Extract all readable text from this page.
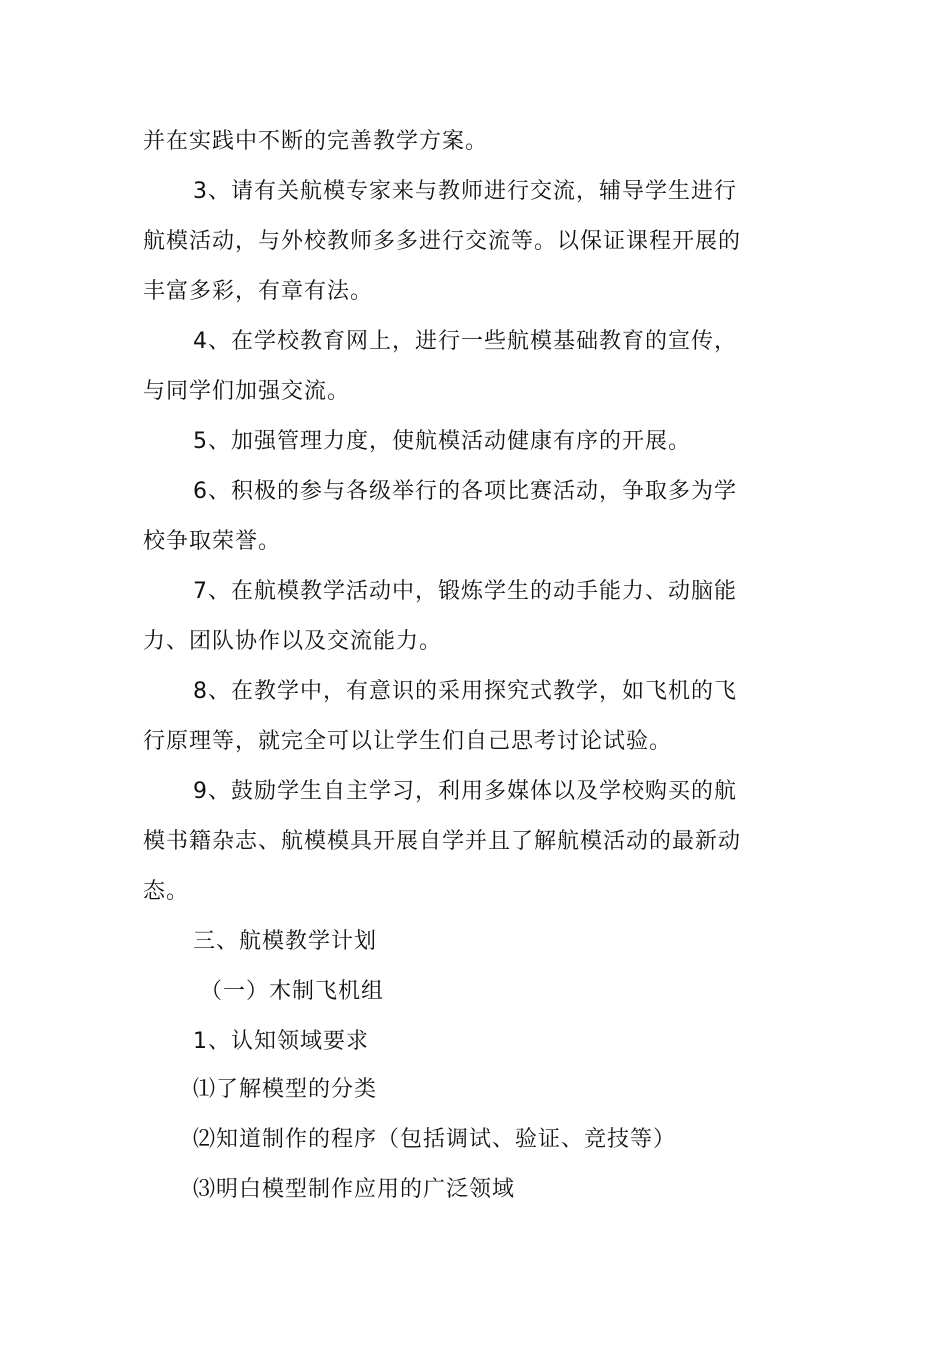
并在实践中不断的完善教学方案。

3、请有关航模专家来与教师进行交流，辅导学生进行

航模活动，与外校教师多多进行交流等。以保证课程开展的

丰富多彩，有章有法。

4、在学校教育网上，进行一些航模基础教育的宣传，

与同学们加强交流。

5、加强管理力度，使航模活动健康有序的开展。

6、积极的参与各级举行的各项比赛活动，争取多为学

校争取荣誉。

7、在航模教学活动中，锻炼学生的动手能力、动脑能

力、团队协作以及交流能力。

8、在教学中，有意识的采用探究式教学，如飞机的飞

行原理等，就完全可以让学生们自己思考讨论试验。

9、鼓励学生自主学习，利用多媒体以及学校购买的航

模书籍杂志、航模模具开展自学并且了解航模活动的最新动

态。

三、航模教学计划

（一）木制飞机组

1、认知领域要求

⑴了解模型的分类

⑵知道制作的程序（包括调试、验证、竞技等）

⑶明白模型制作应用的广泛领域
